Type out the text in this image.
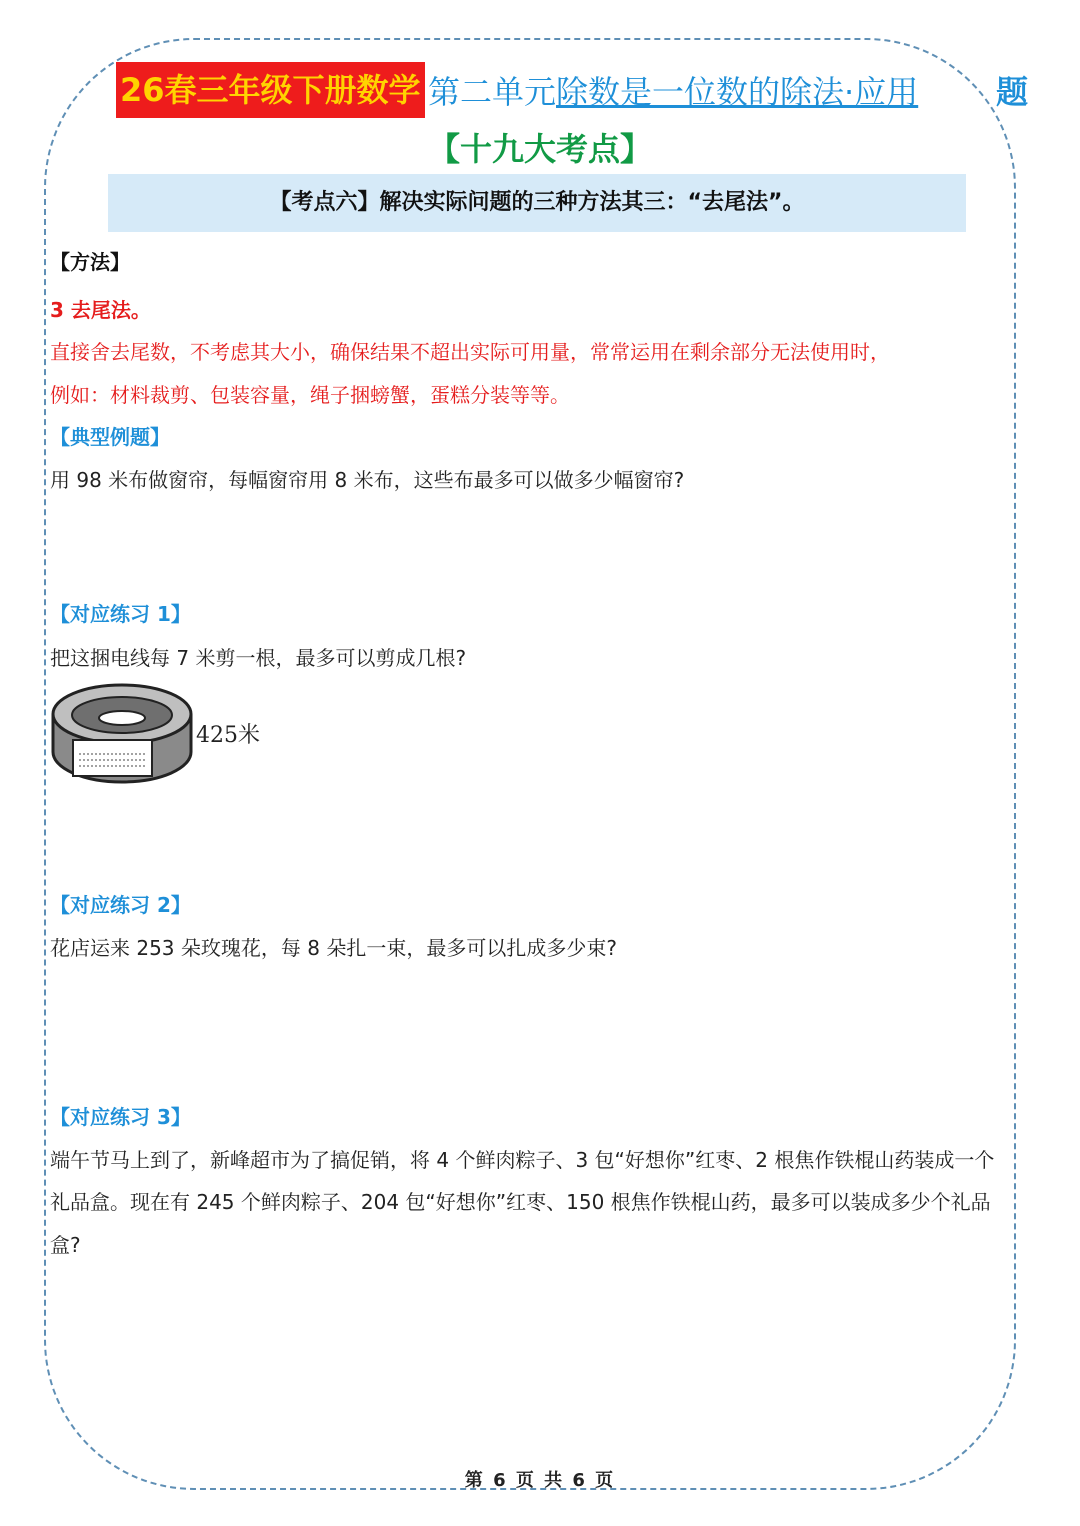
26春三年级下册数学 第二单元除数是一位数的除法·应用 题
【十九大考点】
【考点六】解决实际问题的三种方法其三：“去尾法”。
【方法】
3 去尾法。
直接舍去尾数，不考虑其大小，确保结果不超出实际可用量，常常运用在剩余部分无法使用时，
例如：材料裁剪、包装容量，绳子捆螃蟹，蛋糕分装等等。
【典型例题】
用 98 米布做窗帘，每幅窗帘用 8 米布，这些布最多可以做多少幅窗帘?
【对应练习 1】
把这捆电线每 7 米剪一根，最多可以剪成几根?
425米
【对应练习 2】
花店运来 253 朵玫瑰花，每 8 朵扎一束，最多可以扎成多少束?
【对应练习 3】
端午节马上到了，新峰超市为了搞促销，将 4 个鲜肉粽子、3 包“好想你”红枣、2 根焦作铁棍山药装成一个
礼品盒。现在有 245 个鲜肉粽子、204 包“好想你”红枣、150 根焦作铁棍山药，最多可以装成多少个礼品
盒?
第 6 页 共 6 页
